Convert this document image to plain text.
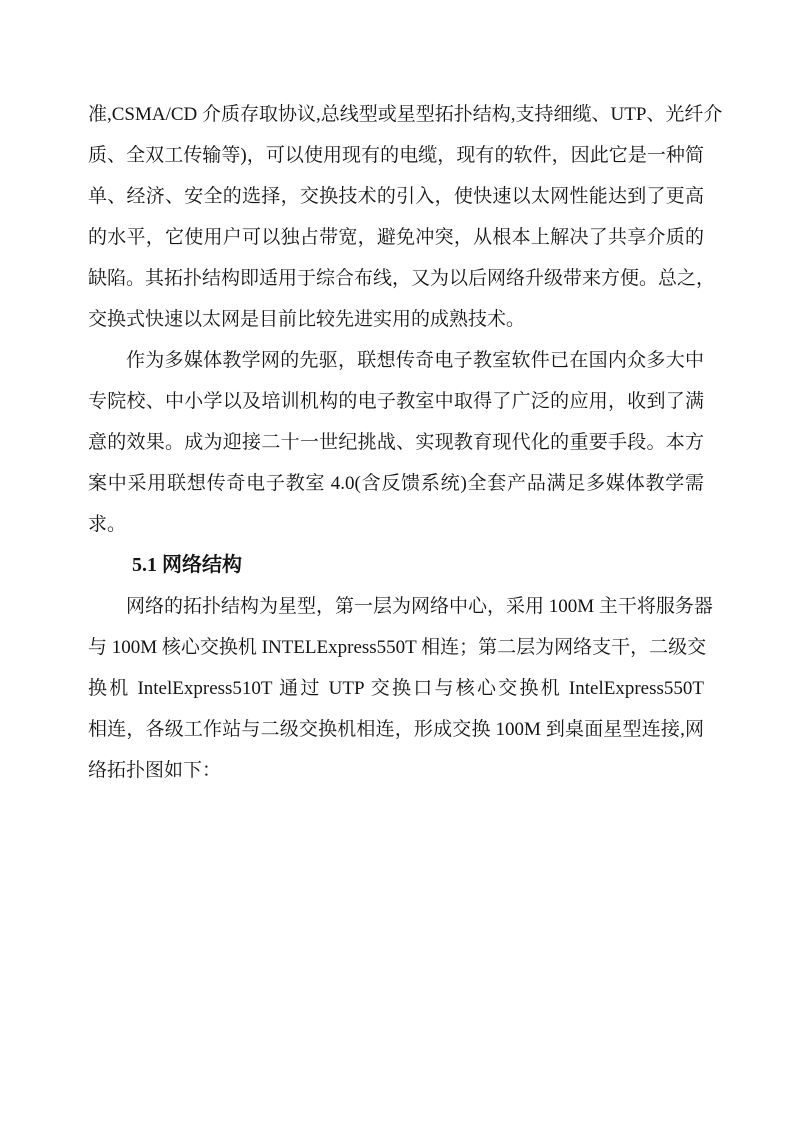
准,CSMA/CD 介质存取协议,总线型或星型拓扑结构,支持细缆、UTP、光纤介
质、全双工传输等)，可以使用现有的电缆，现有的软件，因此它是一种简
单、经济、安全的选择，交换技术的引入，使快速以太网性能达到了更高
的水平，它使用户可以独占带宽，避免冲突，从根本上解决了共享介质的
缺陷。其拓扑结构即适用于综合布线，又为以后网络升级带来方便。总之，
交换式快速以太网是目前比较先进实用的成熟技术。
作为多媒体教学网的先驱，联想传奇电子教室软件已在国内众多大中
专院校、中小学以及培训机构的电子教室中取得了广泛的应用，收到了满
意的效果。成为迎接二十一世纪挑战、实现教育现代化的重要手段。本方
案中采用联想传奇电子教室 4.0(含反馈系统)全套产品满足多媒体教学需
求。
5.1 网络结构
网络的拓扑结构为星型，第一层为网络中心，采用 100M 主干将服务器
与 100M 核心交换机 INTELExpress550T 相连；第二层为网络支干，二级交
换机 IntelExpress510T 通过 UTP 交换口与核心交换机 IntelExpress550T
相连，各级工作站与二级交换机相连，形成交换 100M 到桌面星型连接,网
络拓扑图如下：
